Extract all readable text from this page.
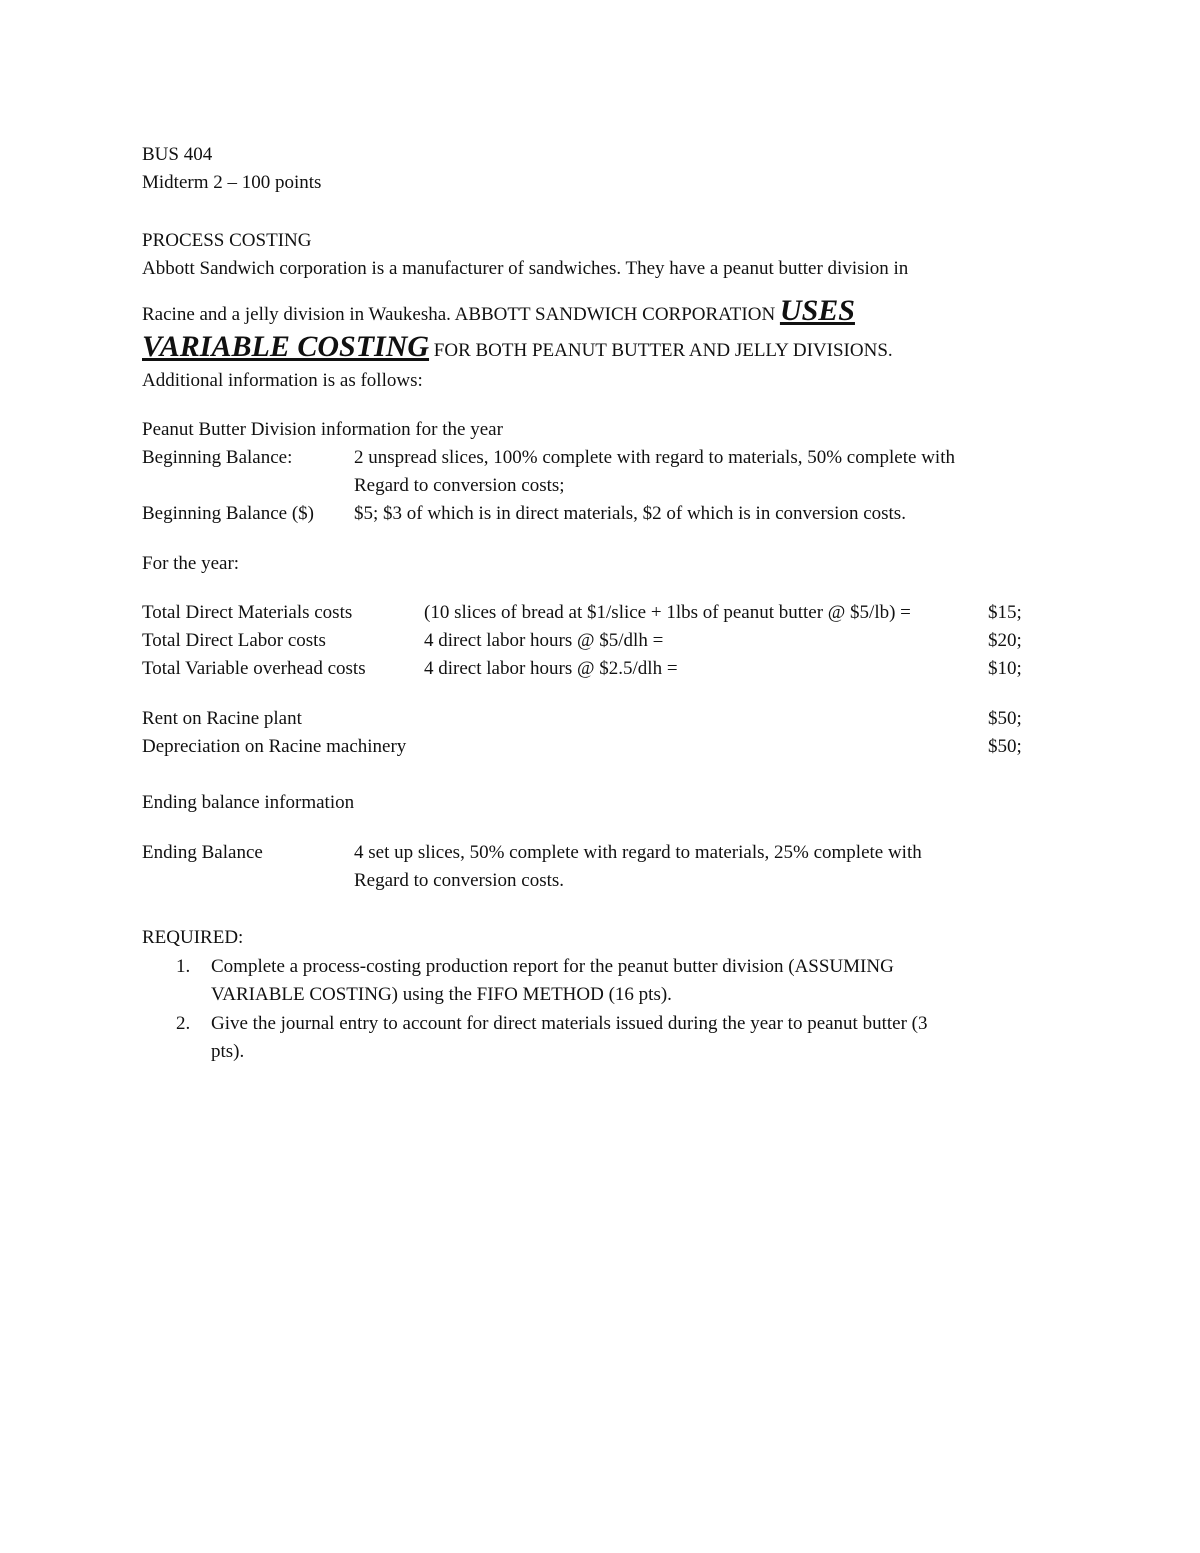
BUS 404
Midterm 2 – 100 points
PROCESS COSTING
Abbott Sandwich corporation is a manufacturer of sandwiches. They have a peanut butter division in
Racine and a jelly division in Waukesha. ABBOTT SANDWICH CORPORATION USES
VARIABLE COSTING FOR BOTH PEANUT BUTTER AND JELLY DIVISIONS.
Additional information is as follows:
Peanut Butter Division information for the year
Beginning Balance:	2 unspread slices, 100% complete with regard to materials, 50% complete with
Regard to conversion costs;
Beginning Balance ($) $5; $3 of which is in direct materials, $2 of which is in conversion costs.
For the year:
Total Direct Materials costs	(10 slices of bread at $1/slice + 1lbs of peanut butter @ $5/lb) =	$15;
Total Direct Labor costs	4 direct labor hours @ $5/dlh =	$20;
Total Variable overhead costs	4 direct labor hours @ $2.5/dlh =	$10;
Rent on Racine plant	$50;
Depreciation on Racine machinery	$50;
Ending balance information
Ending Balance	4 set up slices, 50% complete with regard to materials, 25% complete with
Regard to conversion costs.
REQUIRED:
1. Complete a process-costing production report for the peanut butter division (ASSUMING
VARIABLE COSTING) using the FIFO METHOD (16 pts).
2. Give the journal entry to account for direct materials issued during the year to peanut butter (3
pts).
